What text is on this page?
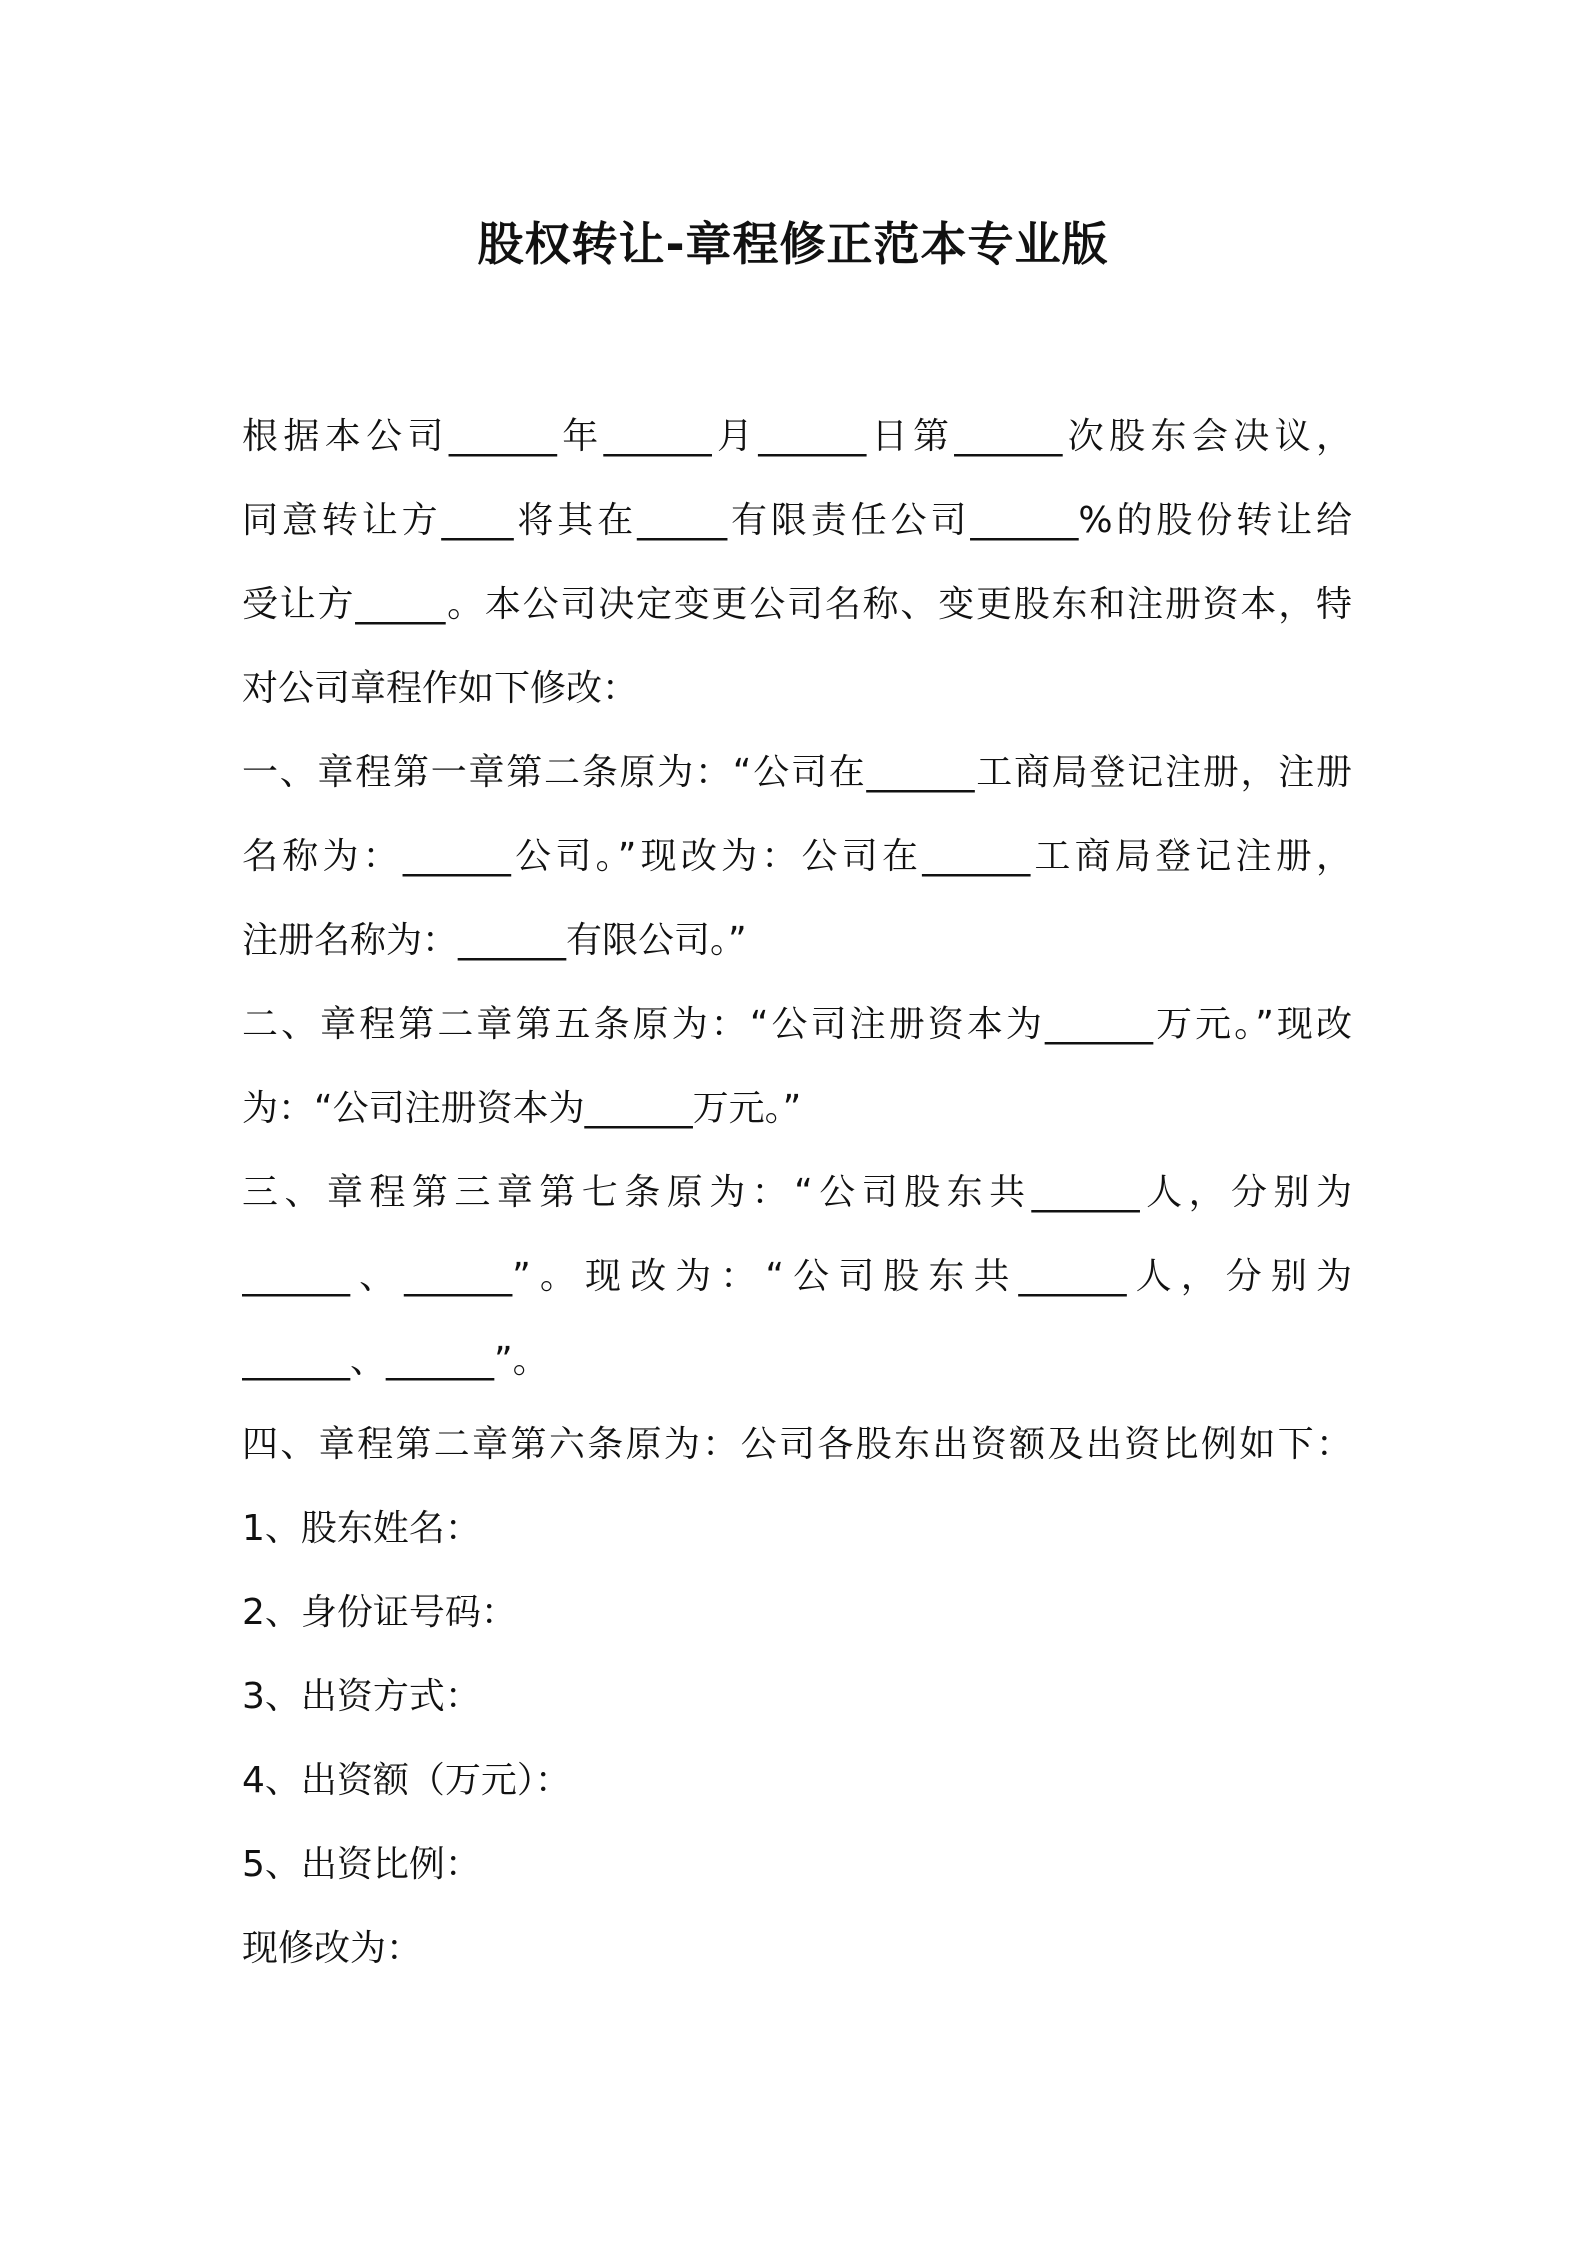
股权转让-章程修正范本专业版
根据本公司______年______月______日第______次股东会决议，
同意转让方____将其在_____有限责任公司______%的股份转让给
受让方_____。本公司决定变更公司名称、变更股东和注册资本，特
对公司章程作如下修改：
一、章程第一章第二条原为：“公司在______工商局登记注册，注册
名称为：______公司。”现改为：公司在______工商局登记注册，
注册名称为：______有限公司。”
二、章程第二章第五条原为：“公司注册资本为______万元。”现改
为：“公司注册资本为______万元。”
三、章程第三章第七条原为：“公司股东共______人，分别为
______、______”。现改为：“公司股东共______人，分别为
______、______”。
四、章程第二章第六条原为：公司各股东出资额及出资比例如下：
1、股东姓名：
2、身份证号码：
3、出资方式：
4、出资额（万元）：
5、出资比例：
现修改为：
